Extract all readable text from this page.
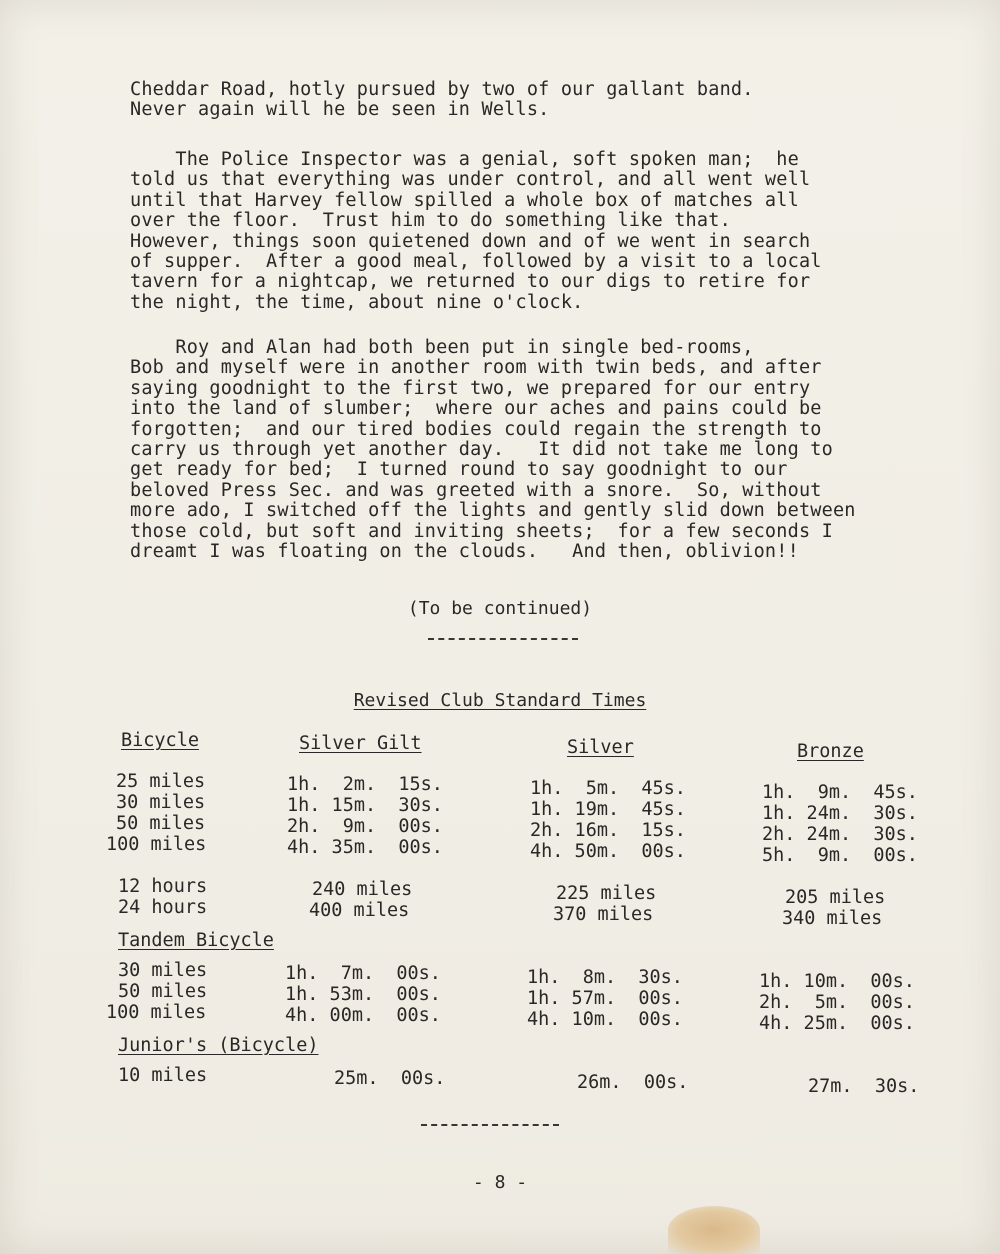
Cheddar Road, hotly pursued by two of our gallant band.
Never again will he be seen in Wells.
The Police Inspector was a genial, soft spoken man;  he
told us that everything was under control, and all went well
until that Harvey fellow spilled a whole box of matches all
over the floor.  Trust him to do something like that.
However, things soon quietened down and of we went in search
of supper.  After a good meal, followed by a visit to a local
tavern for a nightcap, we returned to our digs to retire for
the night, the time, about nine o'clock.
Roy and Alan had both been put in single bed-rooms,
Bob and myself were in another room with twin beds, and after
saying goodnight to the first two, we prepared for our entry
into the land of slumber;  where our aches and pains could be
forgotten;  and our tired bodies could regain the strength to
carry us through yet another day.   It did not take me long to
get ready for bed;  I turned round to say goodnight to our
beloved Press Sec. and was greeted with a snore.  So, without
more ado, I switched off the lights and gently slid down between
those cold, but soft and inviting sheets;  for a few seconds I
dreamt I was floating on the clouds.   And then, oblivion!!
(To be continued)
Revised Club Standard Times
Bicycle	Silver Gilt	Silver	Bronze
25 miles	1h.  2m.  15s.	1h.  5m.  45s.	1h.  9m.  45s.
30 miles	1h. 15m.  30s.	1h. 19m.  45s.	1h. 24m.  30s.
50 miles	2h.  9m.  00s.	2h. 16m.  15s.	2h. 24m.  30s.
100 miles	4h. 35m.  00s.	4h. 50m.  00s.	5h.  9m.  00s.
12 hours	240 miles	225 miles	205 miles
24 hours	400 miles	370 miles	340 miles
Tandem Bicycle
30 miles	1h.  7m.  00s.	1h.  8m.  30s.	1h. 10m.  00s.
50 miles	1h. 53m.  00s.	1h. 57m.  00s.	2h.  5m.  00s.
100 miles	4h. 00m.  00s.	4h. 10m.  00s.	4h. 25m.  00s.
Junior's (Bicycle)
10 miles	25m.  00s.	26m.  00s.	27m.  30s.
- 8 -
